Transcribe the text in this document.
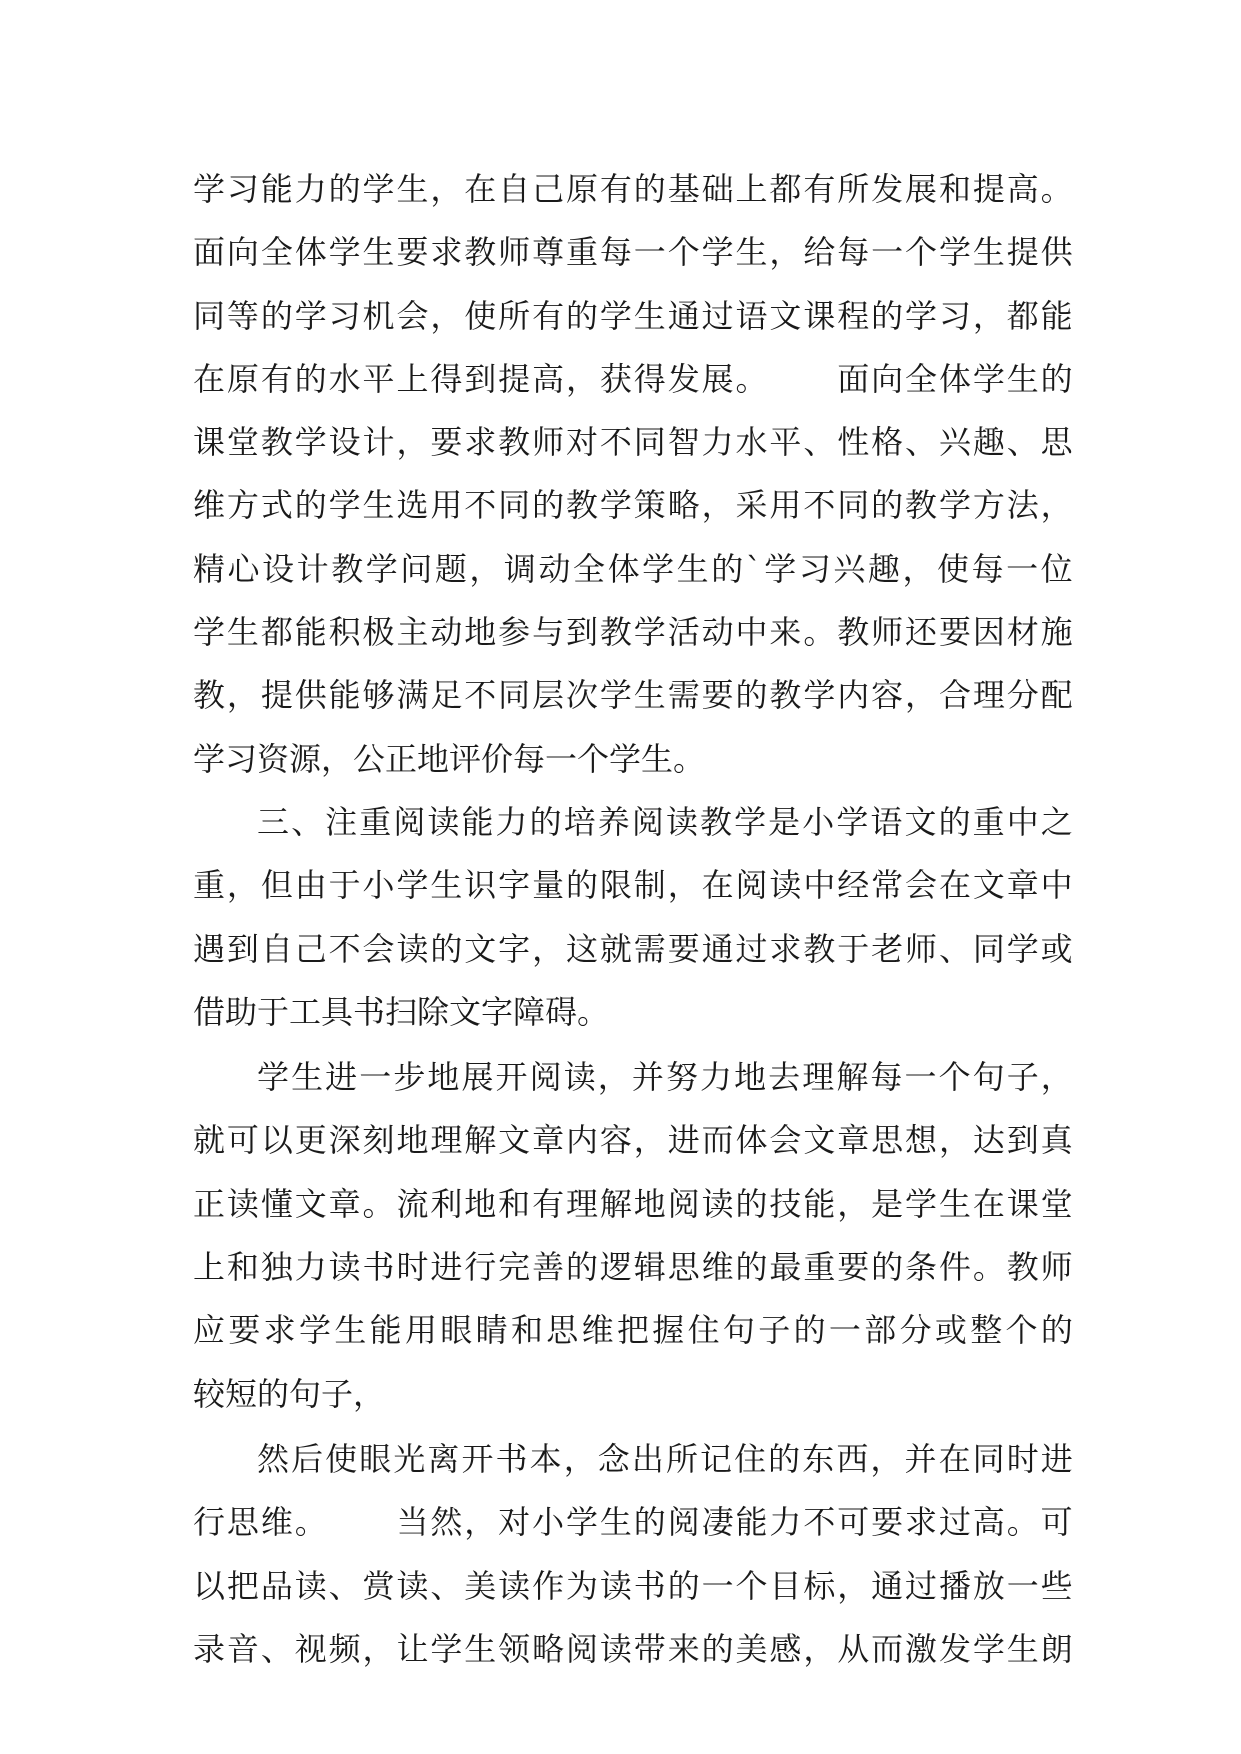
学 习 能 力 的 学 生 ， 在 自 己 原 有 的 基 础 上 都 有 所 发 展 和 提 高 。
面 向 全 体 学 生 要 求 教 师 尊 重 每 一 个 学 生 ， 给 每 一 个 学 生 提 供
同 等 的 学 习 机 会 ， 使 所 有 的 学 生 通 过 语 文 课 程 的 学 习 ， 都 能
在 原 有 的 水 平 上 得 到 提 高 ， 获 得 发 展 。

　 面 向 全 体 学 生 的
课 堂 教 学 设 计 ， 要 求 教 师 对 不 同 智 力 水 平 、 性 格 、 兴 趣 、 思
维 方 式 的 学 生 选 用 不 同 的 教 学 策 略 ， 采 用 不 同 的 教 学 方 法 ，
精 心 设 计 教 学 问 题 ， 调 动 全 体 学 生 的 ` 学 习 兴 趣 ， 使 每 一 位
学 生 都 能 积 极 主 动 地 参 与 到 教 学 活 动 中 来 。 教 师 还 要 因 材 施
教 ， 提 供 能 够 满 足 不 同 层 次 学 生 需 要 的 教 学 内 容 ， 合 理 分 配
学习资源，公正地评价每一个学生。
三 、 注 重 阅 读 能 力 的 培 养 阅 读 教 学 是 小 学 语 文 的 重 中 之
重 ， 但 由 于 小 学 生 识 字 量 的 限 制 ， 在 阅 读 中 经 常 会 在 文 章 中
遇 到 自 己 不 会 读 的 文 字 ， 这 就 需 要 通 过 求 教 于 老 师 、 同 学 或
借助于工具书扫除文字障碍。
学 生 进 一 步 地 展 开 阅 读 ， 并 努 力 地 去 理 解 每 一 个 句 子 ，
就 可 以 更 深 刻 地 理 解 文 章 内 容 ， 进 而 体 会 文 章 思 想 ， 达 到 真
正 读 懂 文 章 。 流 利 地 和 有 理 解 地 阅 读 的 技 能 ， 是 学 生 在 课 堂
上 和 独 力 读 书 时 进 行 完 善 的 逻 辑 思 维 的 最 重 要 的 条 件 。 教 师
应 要 求 学 生 能 用 眼 睛 和 思 维 把 握 住 句 子 的 一 部 分 或 整 个 的
较短的句子，
然 后 使 眼 光 离 开 书 本 ， 念 出 所 记 住 的 东 西 ， 并 在 同 时 进
行 思 维 。

　 当 然 ， 对 小 学 生 的 阅 凄 能 力 不 可 要 求 过 高 。 可
以 把 品 读 、 赏 读 、 美 读 作 为 读 书 的 一 个 目 标 ， 通 过 播 放 一 些
录 音 、 视 频 ， 让 学 生 领 略 阅 读 带 来 的 美 感 ， 从 而 激 发 学 生 朗
